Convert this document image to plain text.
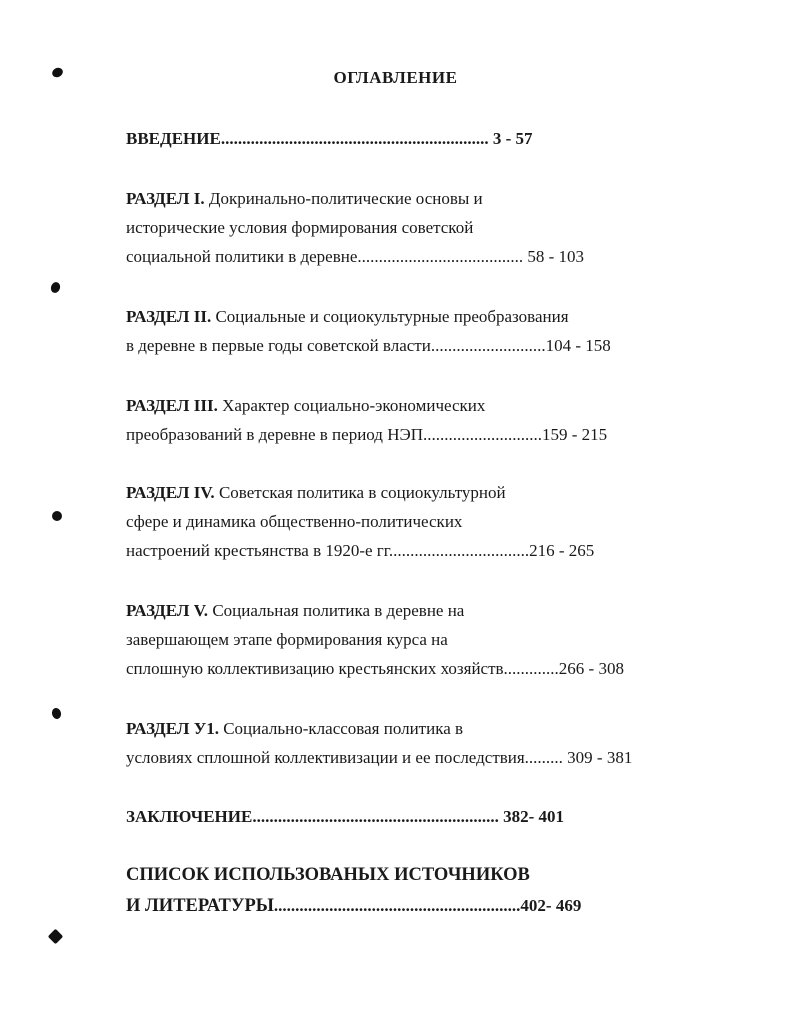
ОГЛАВЛЕНИЕ
ВВЕДЕНИЕ............................................................... 3 - 57
РАЗДЕЛ I. Докринально-политические основы и
исторические условия формирования советской
социальной политики в деревне....................................... 58 - 103
РАЗДЕЛ II. Социальные и социокультурные преобразования
в деревне в первые годы советской власти...........................104 - 158
РАЗДЕЛ III. Характер социально-экономических
преобразований в деревне в период НЭП............................159 - 215
РАЗДЕЛ IV. Советская политика в социокультурной
сфере и динамика общественно-политических
настроений крестьянства в 1920-е гг.................................216 - 265
РАЗДЕЛ V. Социальная политика в деревне на
завершающем этапе формирования курса на
сплошную коллективизацию крестьянских хозяйств.............266 - 308
РАЗДЕЛ У1. Социально-классовая политика в
условиях сплошной коллективизации и ее последствия......... 309 - 381
ЗАКЛЮЧЕНИЕ.......................................................... 382- 401
СПИСОК ИСПОЛЬЗОВАНЫХ ИСТОЧНИКОВ
И ЛИТЕРАТУРЫ..........................................................402- 469
